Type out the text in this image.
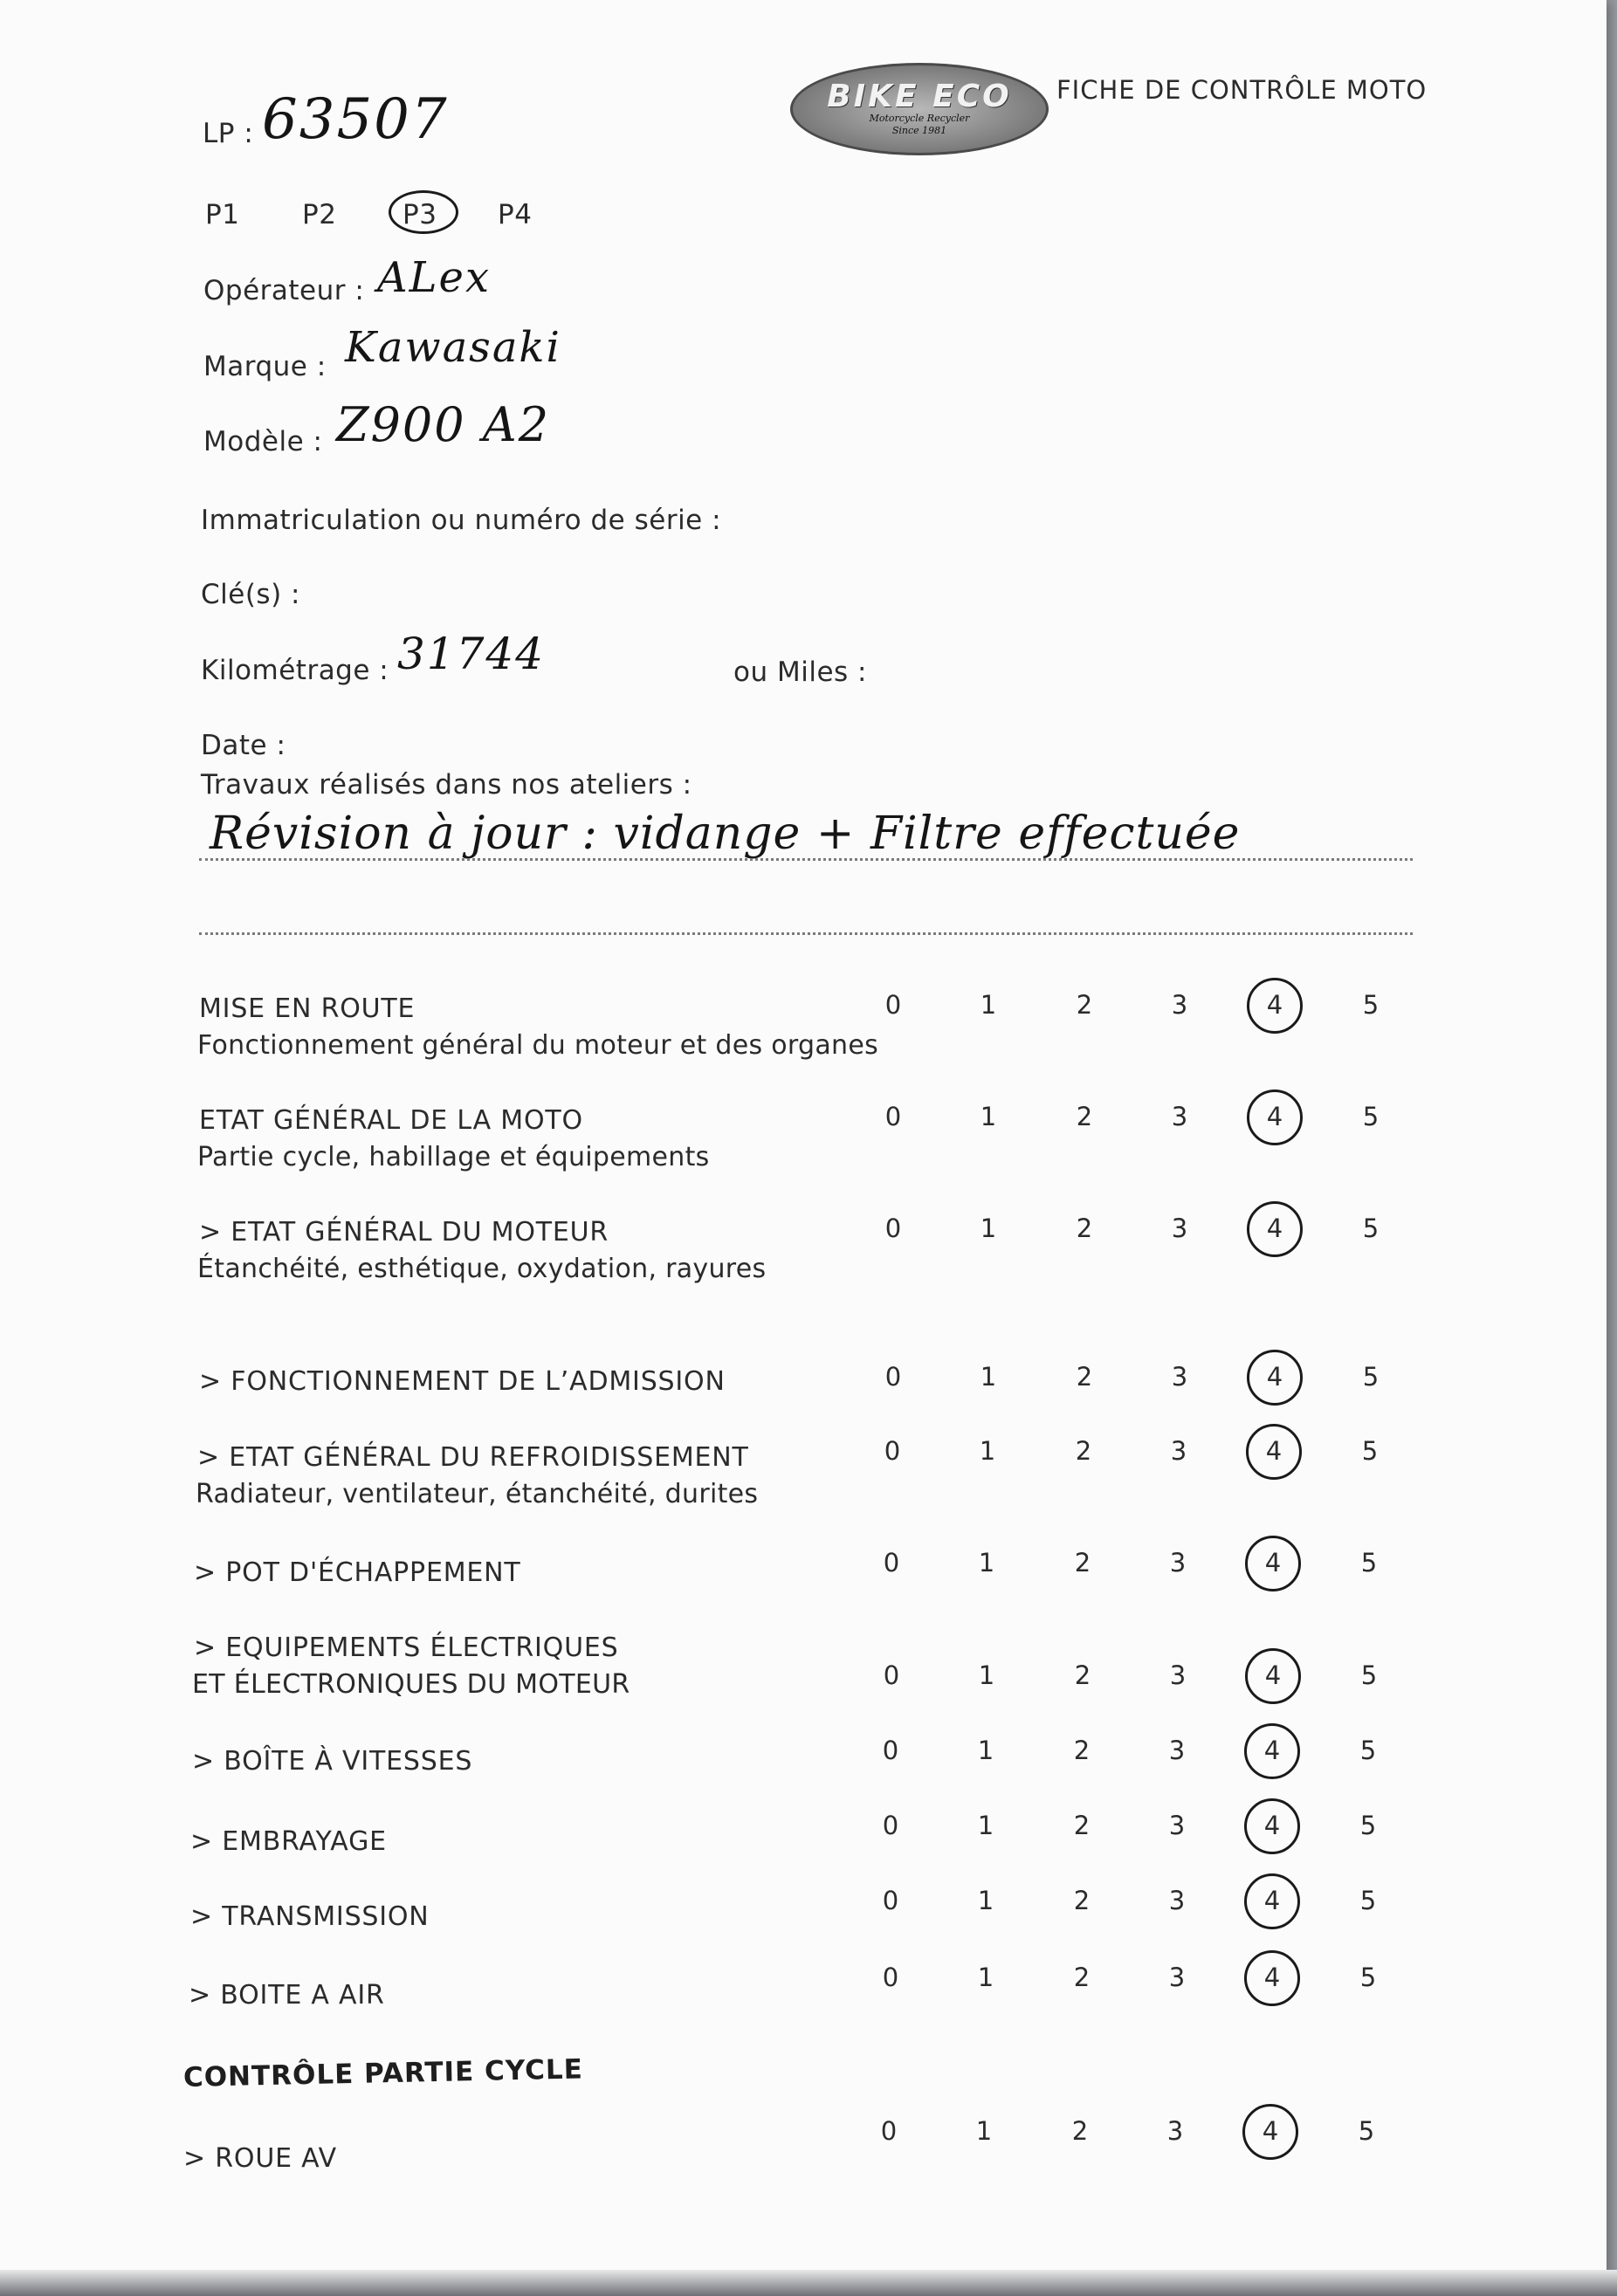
BIKE ECO
Motorcycle Recycler
Since 1981
FICHE DE CONTRÔLE MOTO
LP : 63507
P1 P2 P3 P4
Opérateur : ALex
Marque : Kawasaki
Modèle : Z900 A2
Immatriculation ou numéro de série :
Clé(s) :
Kilométrage : 31744	ou Miles :
Date :
Travaux réalisés dans nos ateliers :
Révision à jour : vidange + Filtre effectuée
MISE EN ROUTE
Fonctionnement général du moteur et des organes
0	1	2	3	4	5
ETAT GÉNÉRAL DE LA MOTO
Partie cycle, habillage et équipements
0	1	2	3	4	5
> ETAT GÉNÉRAL DU MOTEUR
Étanchéité, esthétique, oxydation, rayures
0	1	2	3	4	5
> FONCTIONNEMENT DE L’ADMISSION	0	1	2	3	4	5
> ETAT GÉNÉRAL DU REFROIDISSEMENT
Radiateur, ventilateur, étanchéité, durites
0	1	2	3	4	5
> POT D'ÉCHAPPEMENT	0	1	2	3	4	5
> EQUIPEMENTS ÉLECTRIQUES
ET ÉLECTRONIQUES DU MOTEUR	0	1	2	3	4	5
> BOÎTE À VITESSES	0	1	2	3	4	5
> EMBRAYAGE
0	1	2	3	4	5
> TRANSMISSION
0	1	2	3	4	5
> BOITE A AIR
0	1	2	3	4	5
CONTRÔLE PARTIE CYCLE
> ROUE AV
0	1	2	3	4	5
